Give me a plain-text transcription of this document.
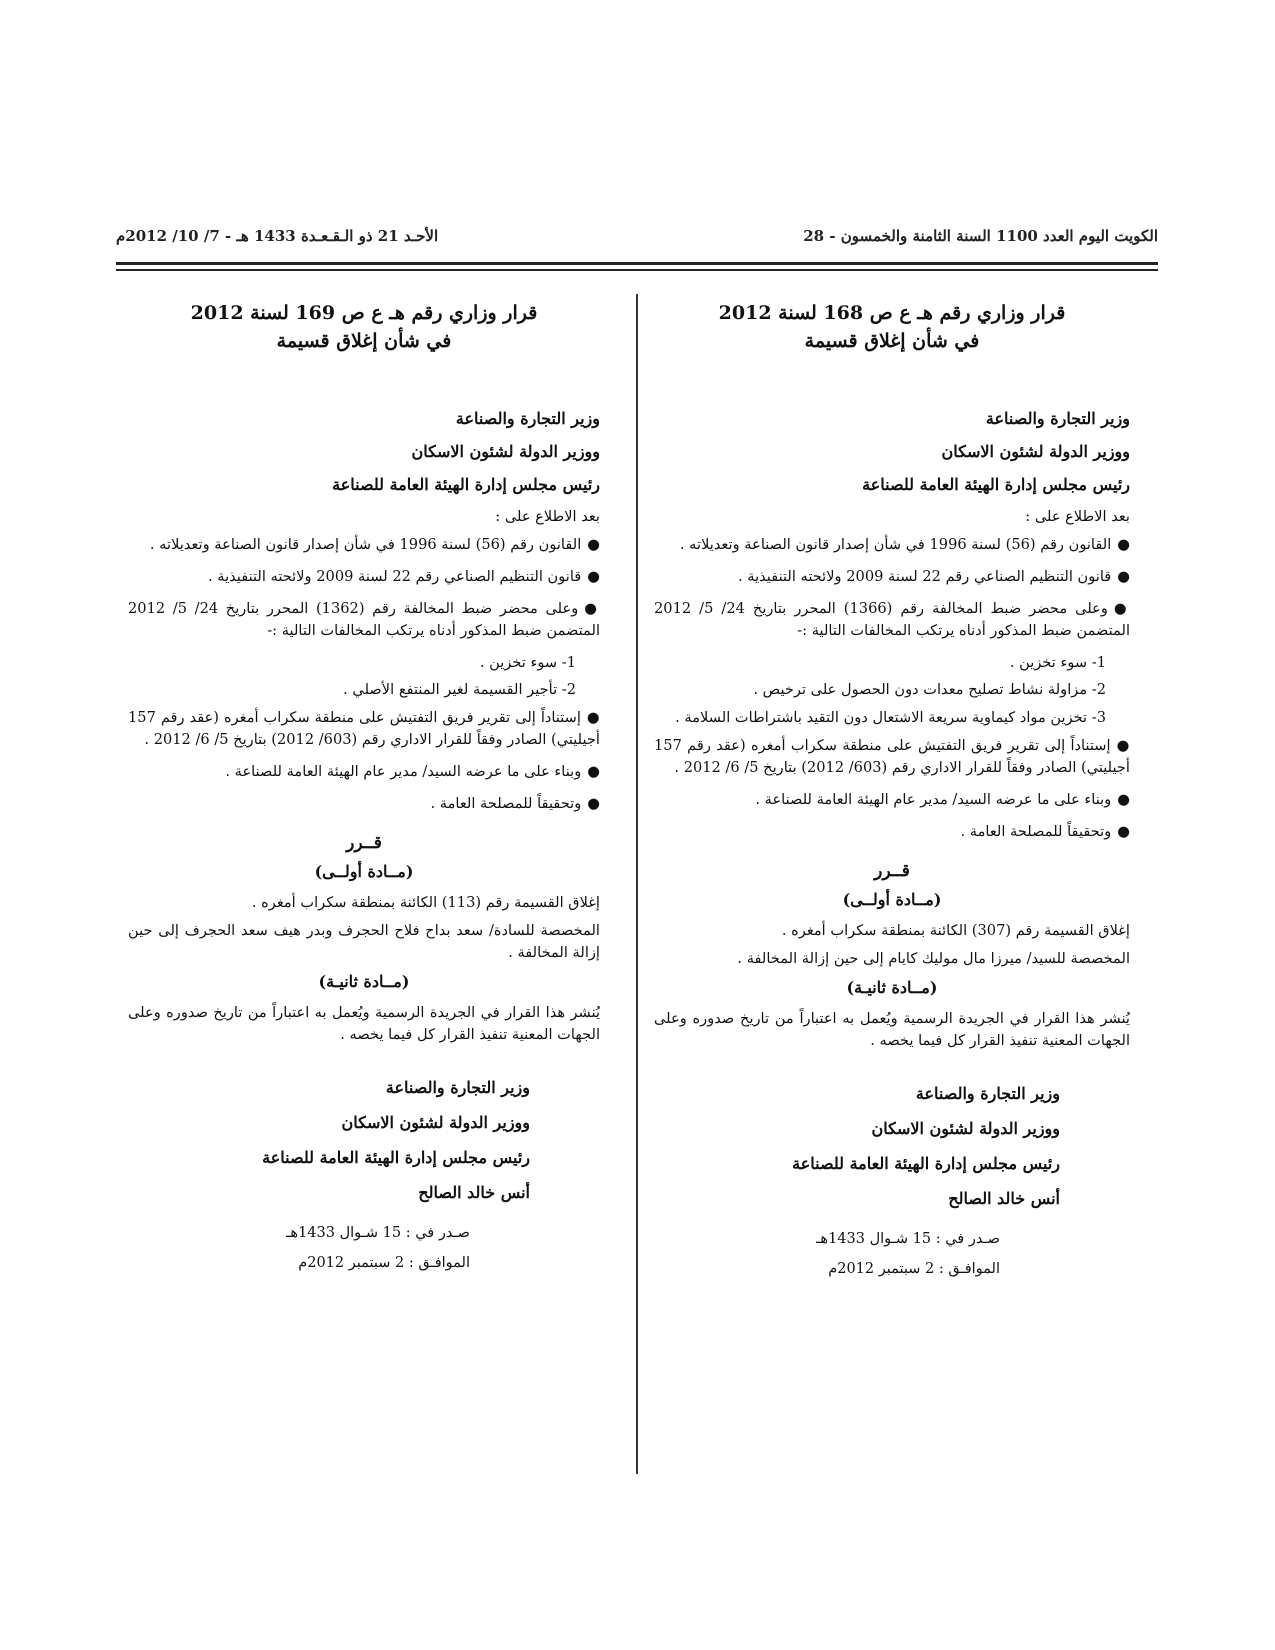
الكويت اليوم العدد 1100 السنة الثامنة والخمسون - 28
الأحـد 21 ذو الـقـعـدة 1433 هـ - 7/ 10/ 2012م
قرار وزاري رقم هـ ع ص 168 لسنة 2012
في شأن إغلاق قسيمة
وزير التجارة والصناعة
ووزير الدولة لشئون الاسكان
رئيس مجلس إدارة الهيئة العامة للصناعة
بعد الاطلاع على :
●القانون رقم (56) لسنة 1996 في شأن إصدار قانون الصناعة وتعديلاته .
●قانون التنظيم الصناعي رقم 22 لسنة 2009 ولائحته التنفيذية .
●وعلى محضر ضبط المخالفة رقم (1366) المحرر بتاريخ 24/ 5/ 2012 المتضمن ضبط المذكور أدناه يرتكب المخالفات التالية :-
1- سوء تخزين .
2- مزاولة نشاط تصليح معدات دون الحصول على ترخيص .
3- تخزين مواد كيماوية سريعة الاشتعال دون التقيد باشتراطات السلامة .
●إستناداً إلى تقرير فريق التفتيش على منطقة سكراب أمغره (عقد رقم 157 أجيليتي) الصادر وفقاً للقرار الاداري رقم (603/ 2012) بتاريخ 5/ 6/ 2012 .
●وبناء على ما عرضه السيد/ مدير عام الهيئة العامة للصناعة .
●وتحقيقاً للمصلحة العامة .
قــرر
(مــادة أولــى)
إغلاق القسيمة رقم (307) الكائنة بمنطقة سكراب أمغره .
المخصصة للسيد/ ميرزا مال موليك كايام إلى حين إزالة المخالفة .
(مــادة ثانيـة)
يُنشر هذا القرار في الجريدة الرسمية ويُعمل به اعتباراً من تاريخ صدوره وعلى الجهات المعنية تنفيذ القرار كل فيما يخصه .
وزير التجارة والصناعة
ووزير الدولة لشئون الاسكان
رئيس مجلس إدارة الهيئة العامة للصناعة
أنس خالد الصالح
صـدر في : 15 شـوال 1433هـ
الموافـق : 2 سبتمبر 2012م
قرار وزاري رقم هـ ع ص 169 لسنة 2012
في شأن إغلاق قسيمة
وزير التجارة والصناعة
ووزير الدولة لشئون الاسكان
رئيس مجلس إدارة الهيئة العامة للصناعة
بعد الاطلاع على :
●القانون رقم (56) لسنة 1996 في شأن إصدار قانون الصناعة وتعديلاته .
●قانون التنظيم الصناعي رقم 22 لسنة 2009 ولائحته التنفيذية .
●وعلى محضر ضبط المخالفة رقم (1362) المحرر بتاريخ 24/ 5/ 2012 المتضمن ضبط المذكور أدناه يرتكب المخالفات التالية :-
1- سوء تخزين .
2- تأجير القسيمة لغير المنتفع الأصلي .
●إستناداً إلى تقرير فريق التفتيش على منطقة سكراب أمغره (عقد رقم 157 أجيليتي) الصادر وفقاً للقرار الاداري رقم (603/ 2012) بتاريخ 5/ 6/ 2012 .
●وبناء على ما عرضه السيد/ مدير عام الهيئة العامة للصناعة .
●وتحقيقاً للمصلحة العامة .
قــرر
(مــادة أولــى)
إغلاق القسيمة رقم (113) الكائنة بمنطقة سكراب أمغره .
المخصصة للسادة/ سعد بداح فلاح الحجرف وبدر هيف سعد الحجرف إلى حين إزالة المخالفة .
(مــادة ثانيـة)
يُنشر هذا القرار في الجريدة الرسمية ويُعمل به اعتباراً من تاريخ صدوره وعلى الجهات المعنية تنفيذ القرار كل فيما يخصه .
وزير التجارة والصناعة
ووزير الدولة لشئون الاسكان
رئيس مجلس إدارة الهيئة العامة للصناعة
أنس خالد الصالح
صـدر في : 15 شـوال 1433هـ
الموافـق : 2 سبتمبر 2012م
